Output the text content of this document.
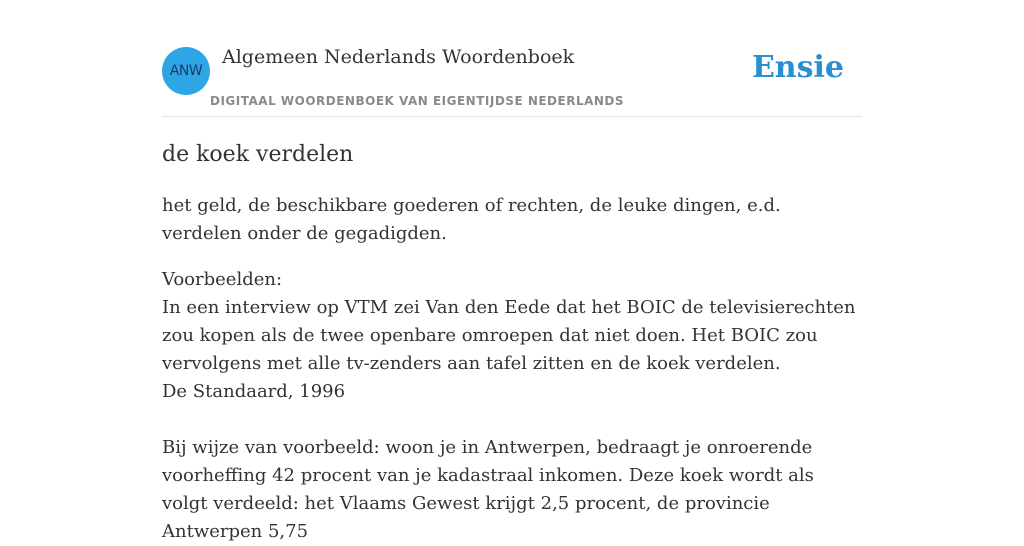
ANW
Algemeen Nederlands Woordenboek
DIGITAAL WOORDENBOEK VAN EIGENTIJDSE NEDERLANDS
Ensie
de koek verdelen

het geld, de beschikbare goederen of rechten, de leuke dingen, e.d. verdelen onder de gegadigden.

Voorbeelden:

In een interview op VTM zei Van den Eede dat het BOIC de televisierechten zou kopen als de twee openbare omroepen dat niet doen. Het BOIC zou vervolgens met alle tv-zenders aan tafel zitten en de koek verdelen.

De Standaard, 1996

Bij wijze van voorbeeld: woon je in Antwerpen, bedraagt je onroerende voorheffing 42 procent van je kadastraal inkomen. Deze koek wordt als volgt verdeeld: het Vlaams Gewest krijgt 2,5 procent, de provincie Antwerpen 5,75
